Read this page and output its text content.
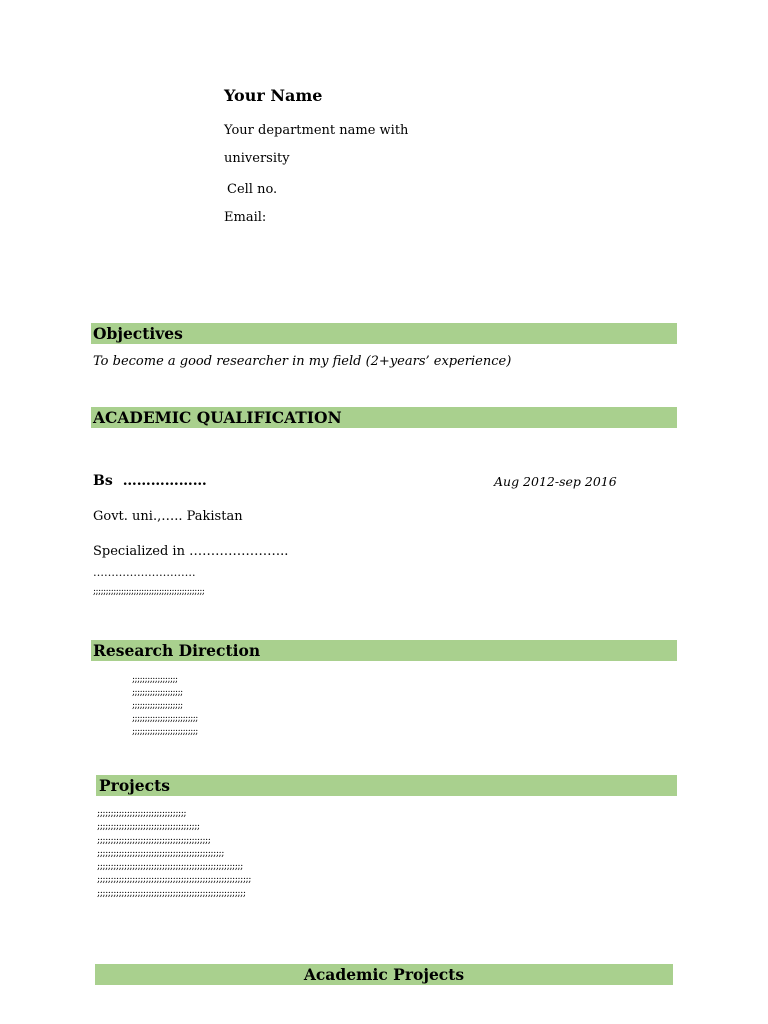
Your Name
Your department name with
university
Cell no.
Email:
Objectives
To become a good researcher in my field (2+years’ experience)
ACADEMIC QUALIFICATION
Bs ………………	Aug 2012-sep 2016
Govt. uni.,….. Pakistan
Specialized in …………………..
……………………….
;;;;;;;;;;;;;;;;;;;;;;;;;;;;;;;;;;;;;;;;;;;;
Research Direction
;;;;;;;;;;;;;;;;;;
;;;;;;;;;;;;;;;;;;;;
;;;;;;;;;;;;;;;;;;;;
;;;;;;;;;;;;;;;;;;;;;;;;;;
;;;;;;;;;;;;;;;;;;;;;;;;;;
Projects
;;;;;;;;;;;;;;;;;;;;;;;;;;;;;;;;;
;;;;;;;;;;;;;;;;;;;;;;;;;;;;;;;;;;;;;;
;;;;;;;;;;;;;;;;;;;;;;;;;;;;;;;;;;;;;;;;;;
;;;;;;;;;;;;;;;;;;;;;;;;;;;;;;;;;;;;;;;;;;;;;;;
;;;;;;;;;;;;;;;;;;;;;;;;;;;;;;;;;;;;;;;;;;;;;;;;;;;;;;
;;;;;;;;;;;;;;;;;;;;;;;;;;;;;;;;;;;;;;;;;;;;;;;;;;;;;;;;;
;;;;;;;;;;;;;;;;;;;;;;;;;;;;;;;;;;;;;;;;;;;;;;;;;;;;;;;
Academic Projects
